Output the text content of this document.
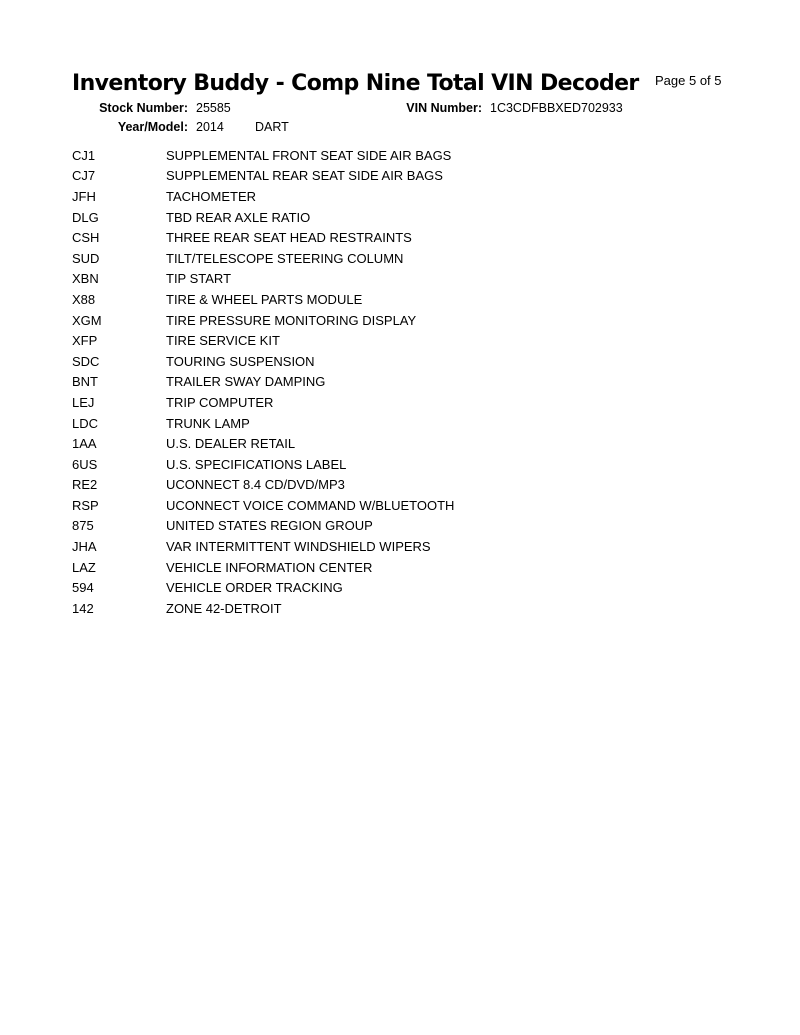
Inventory Buddy - Comp Nine Total VIN Decoder Page 5 of 5
Stock Number: 25585	VIN Number: 1C3CDFBBXED702933
Year/Model: 2014 DART
CJ1	SUPPLEMENTAL FRONT SEAT SIDE AIR BAGS
CJ7	SUPPLEMENTAL REAR SEAT SIDE AIR BAGS
JFH	TACHOMETER
DLG	TBD REAR AXLE RATIO
CSH	THREE REAR SEAT HEAD RESTRAINTS
SUD	TILT/TELESCOPE STEERING COLUMN
XBN	TIP START
X88	TIRE & WHEEL PARTS MODULE
XGM	TIRE PRESSURE MONITORING DISPLAY
XFP	TIRE SERVICE KIT
SDC	TOURING SUSPENSION
BNT	TRAILER SWAY DAMPING
LEJ	TRIP COMPUTER
LDC	TRUNK LAMP
1AA	U.S. DEALER RETAIL
6US	U.S. SPECIFICATIONS LABEL
RE2	UCONNECT 8.4 CD/DVD/MP3
RSP	UCONNECT VOICE COMMAND W/BLUETOOTH
875	UNITED STATES REGION GROUP
JHA	VAR INTERMITTENT WINDSHIELD WIPERS
LAZ	VEHICLE INFORMATION CENTER
594	VEHICLE ORDER TRACKING
142	ZONE 42-DETROIT
